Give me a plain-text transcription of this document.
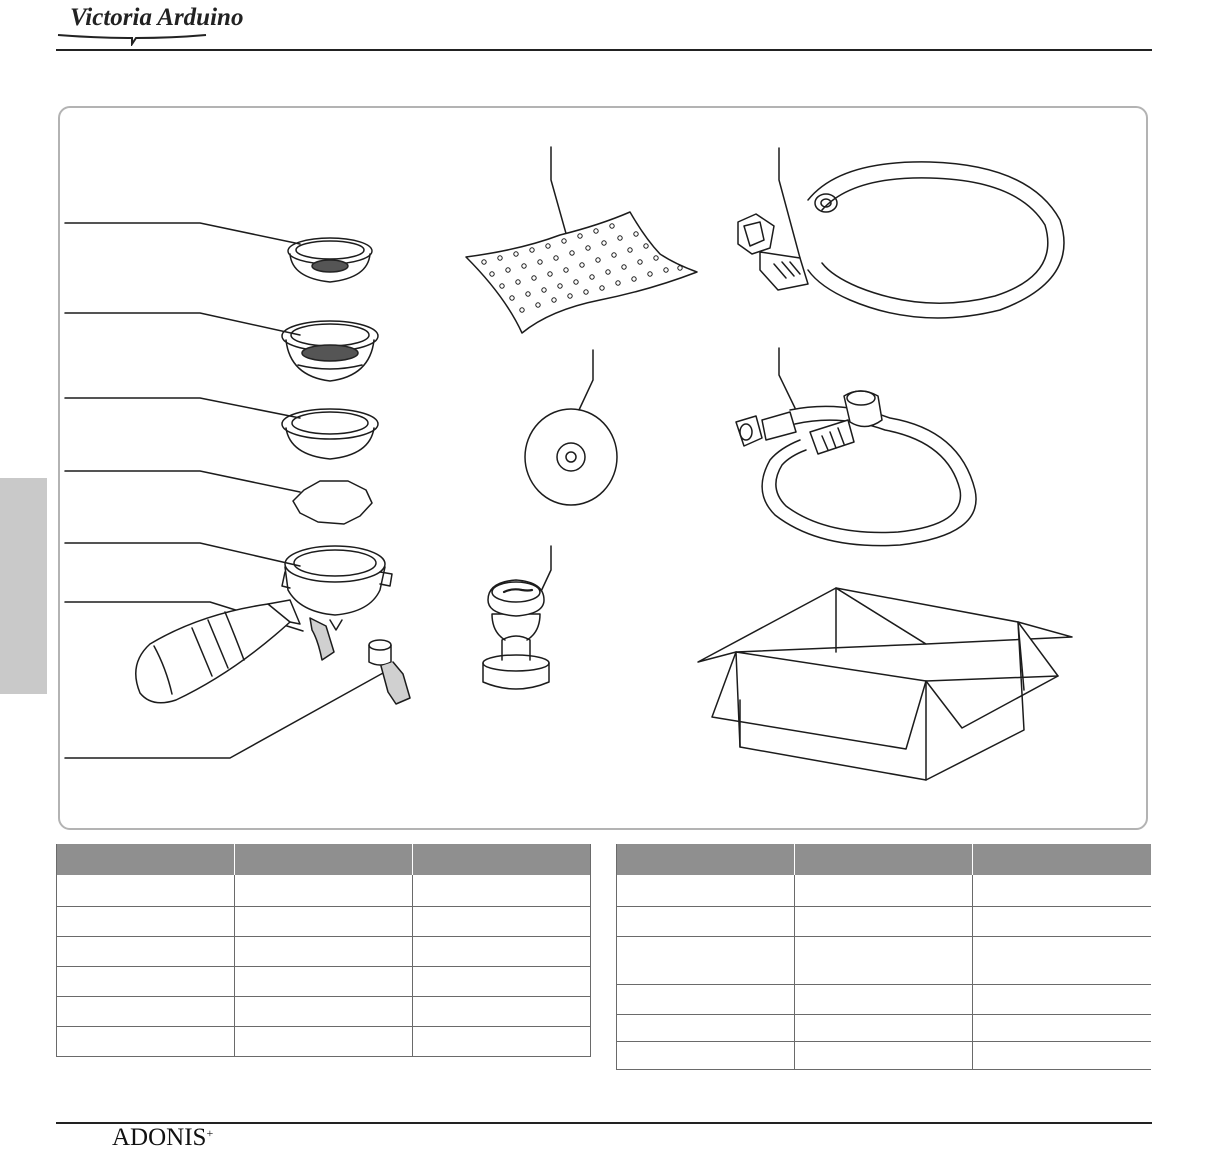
Victoria Arduino

ADONIS+
